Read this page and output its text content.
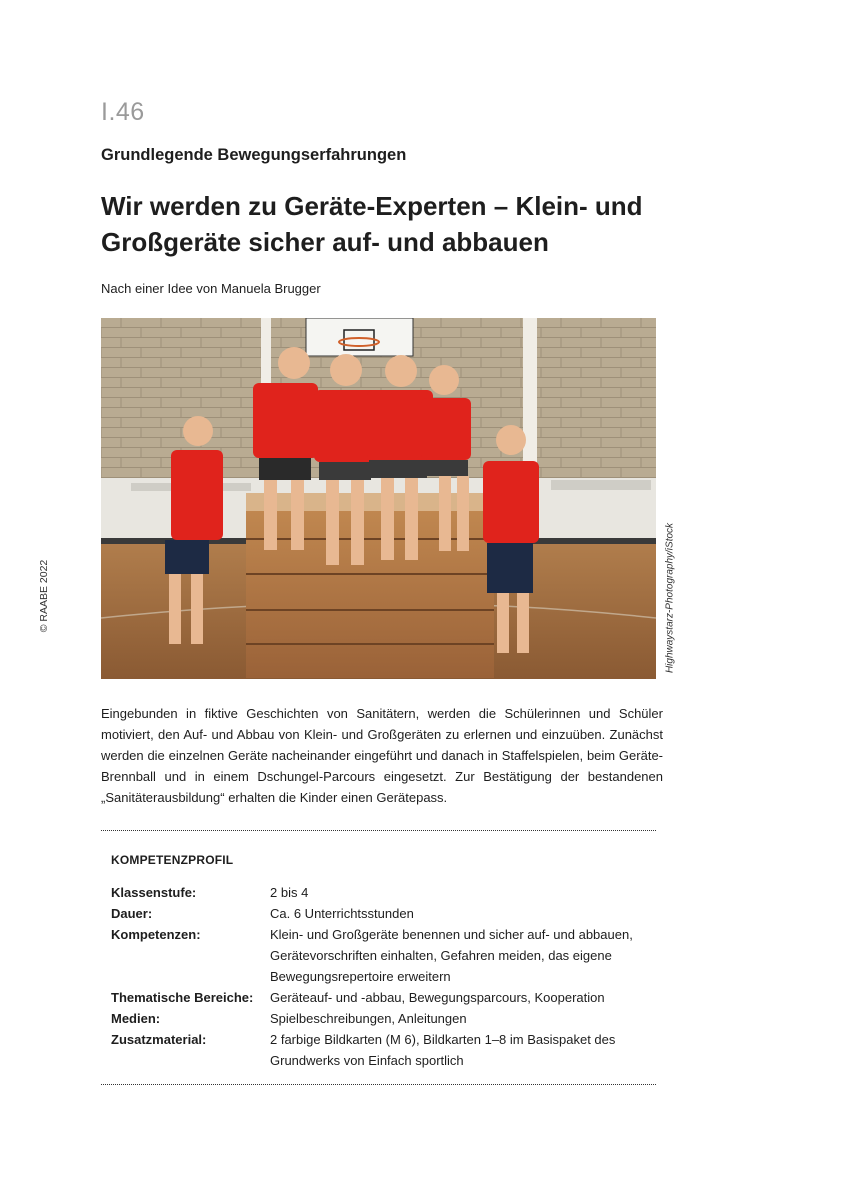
I.46
Grundlegende Bewegungserfahrungen
Wir werden zu Geräte-Experten – Klein- und
Großgeräte sicher auf- und abbauen
Nach einer Idee von Manuela Brugger
© RAABE 2022	Highwaystarz-Photography/iStock
Eingebunden in fiktive Geschichten von Sanitätern, werden die Schülerinnen und Schüler motiviert, den Auf- und Abbau von Klein- und Großgeräten zu erlernen und einzuüben. Zunächst werden die einzelnen Geräte nacheinander eingeführt und danach in Staffelspielen, beim Geräte-Brennball und in einem Dschungel-Parcours eingesetzt. Zur Bestätigung der bestandenen „Sanitäterausbildung“ erhalten die Kinder einen Gerätepass.
KOMPETENZPROFIL
Klassenstufe:	2 bis 4
Dauer:	Ca. 6 Unterrichtsstunden
Kompetenzen:	Klein- und Großgeräte benennen und sicher auf- und abbauen, Gerätevorschriften einhalten, Gefahren meiden, das eigene Bewegungsrepertoire erweitern
Thematische Bereiche:	Geräteauf- und -abbau, Bewegungsparcours, Kooperation
Medien:	Spielbeschreibungen, Anleitungen
Zusatzmaterial:	2 farbige Bildkarten (M 6), Bildkarten 1–8 im Basispaket des Grundwerks von Einfach sportlich
